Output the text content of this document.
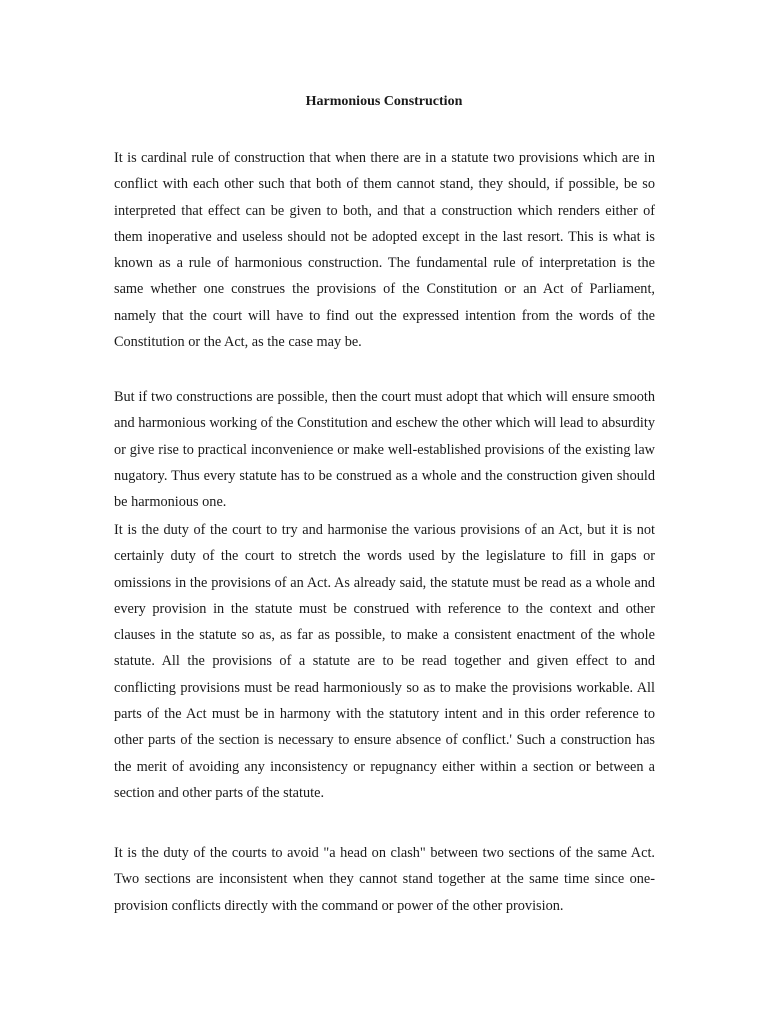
Harmonious Construction

It is cardinal rule of construction that when there are in a statute two provisions which are in conflict with each other such that both of them cannot stand, they should, if possible, be so interpreted that effect can be given to both, and that a construction which renders either of them inoperative and useless should not be adopted except in the last resort. This is what is known as a rule of harmonious construction. The fundamental rule of interpretation is the same whether one construes the provisions of the Constitution or an Act of Parliament, namely that the court will have to find out the expressed intention from the words of the Constitution or the Act, as the case may be.

But if two constructions are possible, then the court must adopt that which will ensure smooth and harmonious working of the Constitution and eschew the other which will lead to absurdity or give rise to practical inconvenience or make well-established provisions of the existing law nugatory. Thus every statute has to be construed as a whole and the construction given should be harmonious one.

It is the duty of the court to try and harmonise the various provisions of an Act, but it is not certainly duty of the court to stretch the words used by the legislature to fill in gaps or omissions in the provisions of an Act. As already said, the statute must be read as a whole and every provision in the statute must be construed with reference to the context and other clauses in the statute so as, as far as possible, to make a consistent enactment of the whole statute. All the provisions of a statute are to be read together and given effect to and conflicting provisions must be read harmoniously so as to make the provisions workable. All parts of the Act must be in harmony with the statutory intent and in this order reference to other parts of the section is necessary to ensure absence of conflict.' Such a construction has the merit of avoiding any inconsistency or repugnancy either within a section or between a section and other parts of the statute.

It is the duty of the courts to avoid "a head on clash" between two sections of the same Act. Two sections are inconsistent when they cannot stand together at the same time since one-provision conflicts directly with the command or power of the other provision.
